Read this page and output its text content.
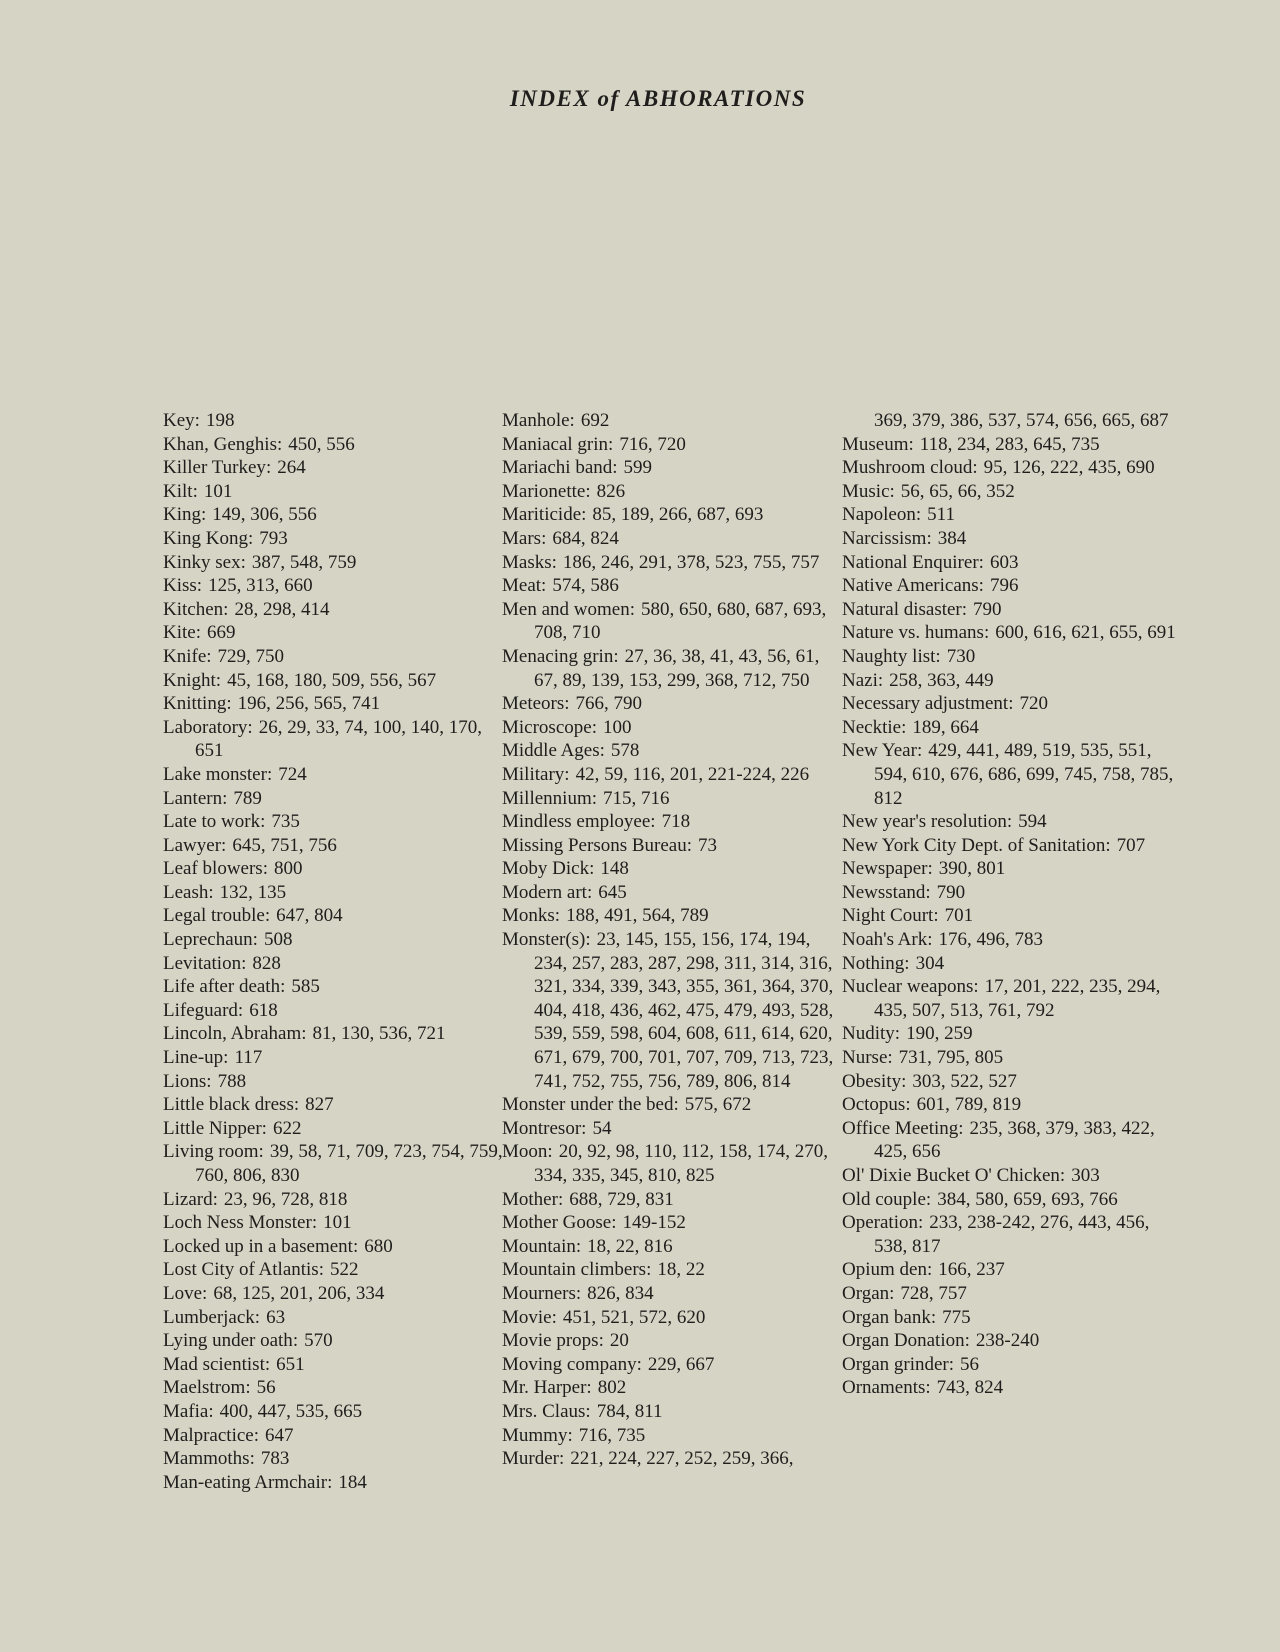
INDEX of ABHORATIONS
Key : 198
Khan, Genghis : 450, 556
Killer Turkey : 264
Kilt : 101
King : 149, 306, 556
King Kong : 793
Kinky sex : 387, 548, 759
Kiss : 125, 313, 660
Kitchen : 28, 298, 414
Kite : 669
Knife : 729, 750
Knight : 45, 168, 180, 509, 556, 567
Knitting : 196, 256, 565, 741
Laboratory : 26, 29, 33, 74, 100, 140, 170, 651
Lake monster : 724
Lantern : 789
Late to work : 735
Lawyer : 645, 751, 756
Leaf blowers : 800
Leash : 132, 135
Legal trouble : 647, 804
Leprechaun : 508
Levitation : 828
Life after death : 585
Lifeguard : 618
Lincoln, Abraham : 81, 130, 536, 721
Line-up : 117
Lions : 788
Little black dress : 827
Little Nipper : 622
Living room : 39, 58, 71, 709, 723, 754, 759, 760, 806, 830
Lizard : 23, 96, 728, 818
Loch Ness Monster : 101
Locked up in a basement : 680
Lost City of Atlantis : 522
Love : 68, 125, 201, 206, 334
Lumberjack : 63
Lying under oath : 570
Mad scientist : 651
Maelstrom : 56
Mafia : 400, 447, 535, 665
Malpractice : 647
Mammoths : 783
Man-eating Armchair : 184
Manhole : 692
Maniacal grin : 716, 720
Mariachi band : 599
Marionette : 826
Mariticide : 85, 189, 266, 687, 693
Mars : 684, 824
Masks : 186, 246, 291, 378, 523, 755, 757
Meat : 574, 586
Men and women : 580, 650, 680, 687, 693, 708, 710
Menacing grin : 27, 36, 38, 41, 43, 56, 61, 67, 89, 139, 153, 299, 368, 712, 750
Meteors : 766, 790
Microscope : 100
Middle Ages : 578
Military : 42, 59, 116, 201, 221-224, 226
Millennium : 715, 716
Mindless employee : 718
Missing Persons Bureau : 73
Moby Dick : 148
Modern art : 645
Monks : 188, 491, 564, 789
Monster(s) : 23, 145, 155, 156, 174, 194, 234, 257, 283, 287, 298, 311, 314, 316, 321, 334, 339, 343, 355, 361, 364, 370, 404, 418, 436, 462, 475, 479, 493, 528, 539, 559, 598, 604, 608, 611, 614, 620, 671, 679, 700, 701, 707, 709, 713, 723, 741, 752, 755, 756, 789, 806, 814
Monster under the bed : 575, 672
Montresor : 54
Moon : 20, 92, 98, 110, 112, 158, 174, 270, 334, 335, 345, 810, 825
Mother : 688, 729, 831
Mother Goose : 149-152
Mountain : 18, 22, 816
Mountain climbers : 18, 22
Mourners : 826, 834
Movie : 451, 521, 572, 620
Movie props : 20
Moving company : 229, 667
Mr. Harper : 802
Mrs. Claus : 784, 811
Mummy : 716, 735
Murder : 221, 224, 227, 252, 259, 366,
369, 379, 386, 537, 574, 656, 665, 687
Museum : 118, 234, 283, 645, 735
Mushroom cloud : 95, 126, 222, 435, 690
Music : 56, 65, 66, 352
Napoleon : 511
Narcissism : 384
National Enquirer : 603
Native Americans : 796
Natural disaster : 790
Nature vs. humans : 600, 616, 621, 655, 691
Naughty list : 730
Nazi : 258, 363, 449
Necessary adjustment : 720
Necktie : 189, 664
New Year : 429, 441, 489, 519, 535, 551, 594, 610, 676, 686, 699, 745, 758, 785, 812
New year's resolution : 594
New York City Dept. of Sanitation : 707
Newspaper : 390, 801
Newsstand : 790
Night Court : 701
Noah's Ark : 176, 496, 783
Nothing : 304
Nuclear weapons : 17, 201, 222, 235, 294, 435, 507, 513, 761, 792
Nudity : 190, 259
Nurse : 731, 795, 805
Obesity : 303, 522, 527
Octopus : 601, 789, 819
Office Meeting : 235, 368, 379, 383, 422, 425, 656
Ol' Dixie Bucket O' Chicken : 303
Old couple : 384, 580, 659, 693, 766
Operation : 233, 238-242, 276, 443, 456, 538, 817
Opium den : 166, 237
Organ : 728, 757
Organ bank : 775
Organ Donation : 238-240
Organ grinder : 56
Ornaments : 743, 824
